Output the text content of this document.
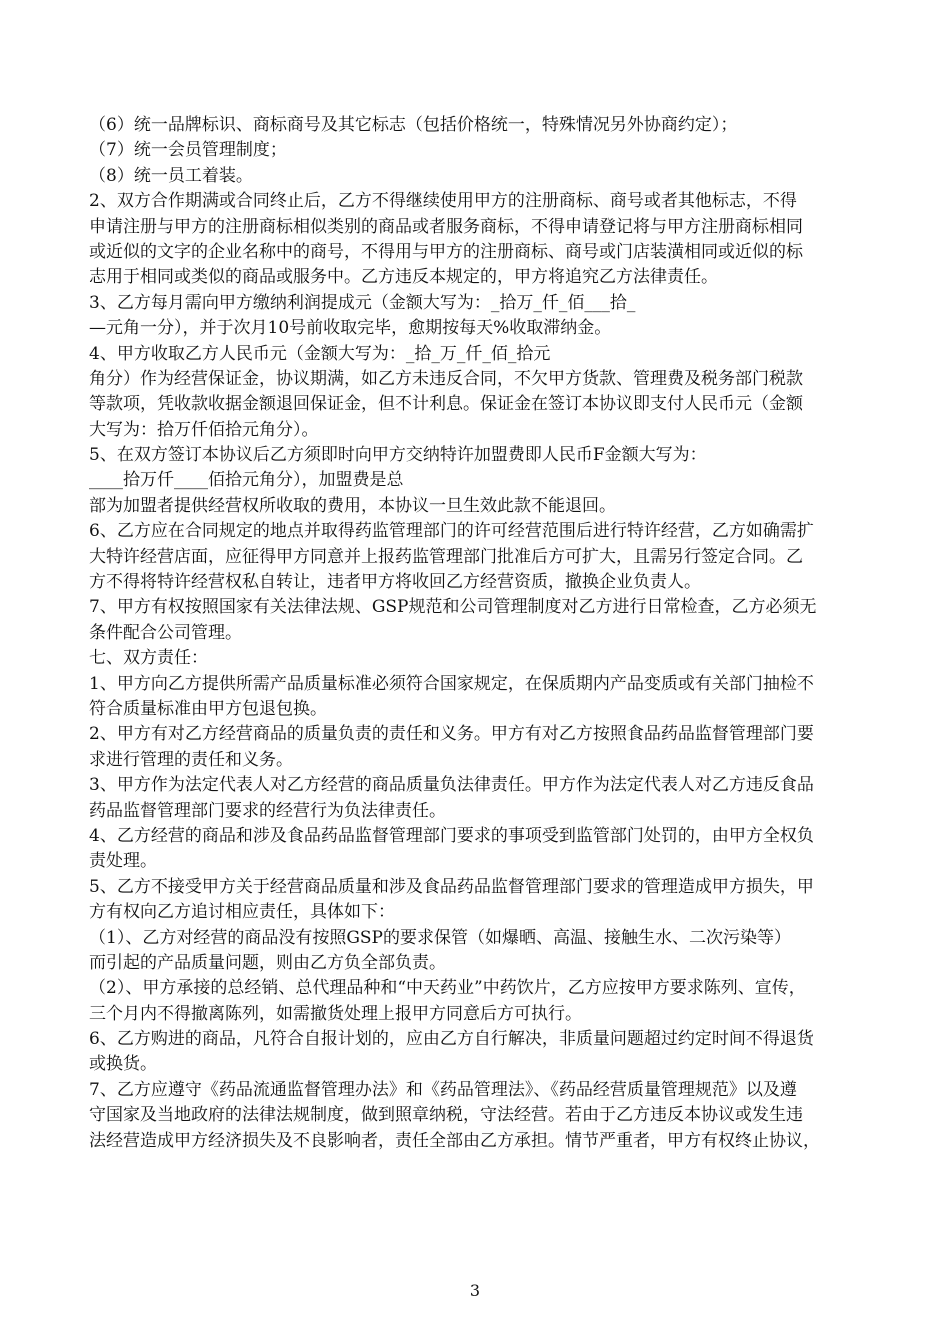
（6）统一品牌标识、商标商号及其它标志（包括价格统一，特殊情况另外协商约定）；
（7）统一会员管理制度；
（8）统一员工着装。
2、双方合作期满或合同终止后，乙方不得继续使用甲方的注册商标、商号或者其他标志，不得
申请注册与甲方的注册商标相似类别的商品或者服务商标，不得申请登记将与甲方注册商标相同
或近似的文字的企业名称中的商号，不得用与甲方的注册商标、商号或门店装潢相同或近似的标
志用于相同或类似的商品或服务中。乙方违反本规定的，甲方将追究乙方法律责任。
3、乙方每月需向甲方缴纳利润提成元（金额大写为：_拾万_仟_佰___拾_
—元角一分），并于次月10号前收取完毕，愈期按每天%收取滞纳金。
4、甲方收取乙方人民币元（金额大写为：_拾_万_仟_佰_拾元
角分）作为经营保证金，协议期满，如乙方未违反合同，不欠甲方货款、管理费及税务部门税款
等款项，凭收款收据金额退回保证金，但不计利息。保证金在签订本协议即支付人民币元（金额
大写为：拾万仟佰拾元角分）。
5、在双方签订本协议后乙方须即时向甲方交纳特许加盟费即人民币F金额大写为：
____拾万仟____佰拾元角分），加盟费是总
部为加盟者提供经营权所收取的费用，本协议一旦生效此款不能退回。
6、乙方应在合同规定的地点并取得药监管理部门的许可经营范围后进行特许经营，乙方如确需扩
大特许经营店面，应征得甲方同意并上报药监管理部门批准后方可扩大，且需另行签定合同。乙
方不得将特许经营权私自转让，违者甲方将收回乙方经营资质，撤换企业负责人。
7、甲方有权按照国家有关法律法规、GSP规范和公司管理制度对乙方进行日常检查，乙方必须无
条件配合公司管理。
七、双方责任：
1、甲方向乙方提供所需产品质量标准必须符合国家规定，在保质期内产品变质或有关部门抽检不
符合质量标准由甲方包退包换。
2、甲方有对乙方经营商品的质量负责的责任和义务。甲方有对乙方按照食品药品监督管理部门要
求进行管理的责任和义务。
3、甲方作为法定代表人对乙方经营的商品质量负法律责任。甲方作为法定代表人对乙方违反食品
药品监督管理部门要求的经营行为负法律责任。
4、乙方经营的商品和涉及食品药品监督管理部门要求的事项受到监管部门处罚的，由甲方全权负
责处理。
5、乙方不接受甲方关于经营商品质量和涉及食品药品监督管理部门要求的管理造成甲方损失，甲
方有权向乙方追讨相应责任，具体如下：
（1）、乙方对经营的商品没有按照GSP的要求保管（如爆晒、高温、接触生水、二次污染等）
而引起的产品质量问题，则由乙方负全部负责。
（2）、甲方承接的总经销、总代理品种和“中天药业”中药饮片，乙方应按甲方要求陈列、宣传，
三个月内不得撤离陈列，如需撤货处理上报甲方同意后方可执行。
6、乙方购进的商品，凡符合自报计划的，应由乙方自行解决，非质量问题超过约定时间不得退货
或换货。
7、乙方应遵守《药品流通监督管理办法》和《药品管理法》、《药品经营质量管理规范》以及遵
守国家及当地政府的法律法规制度，做到照章纳税，守法经营。若由于乙方违反本协议或发生违
法经营造成甲方经济损失及不良影响者，责任全部由乙方承担。情节严重者，甲方有权终止协议，
3
